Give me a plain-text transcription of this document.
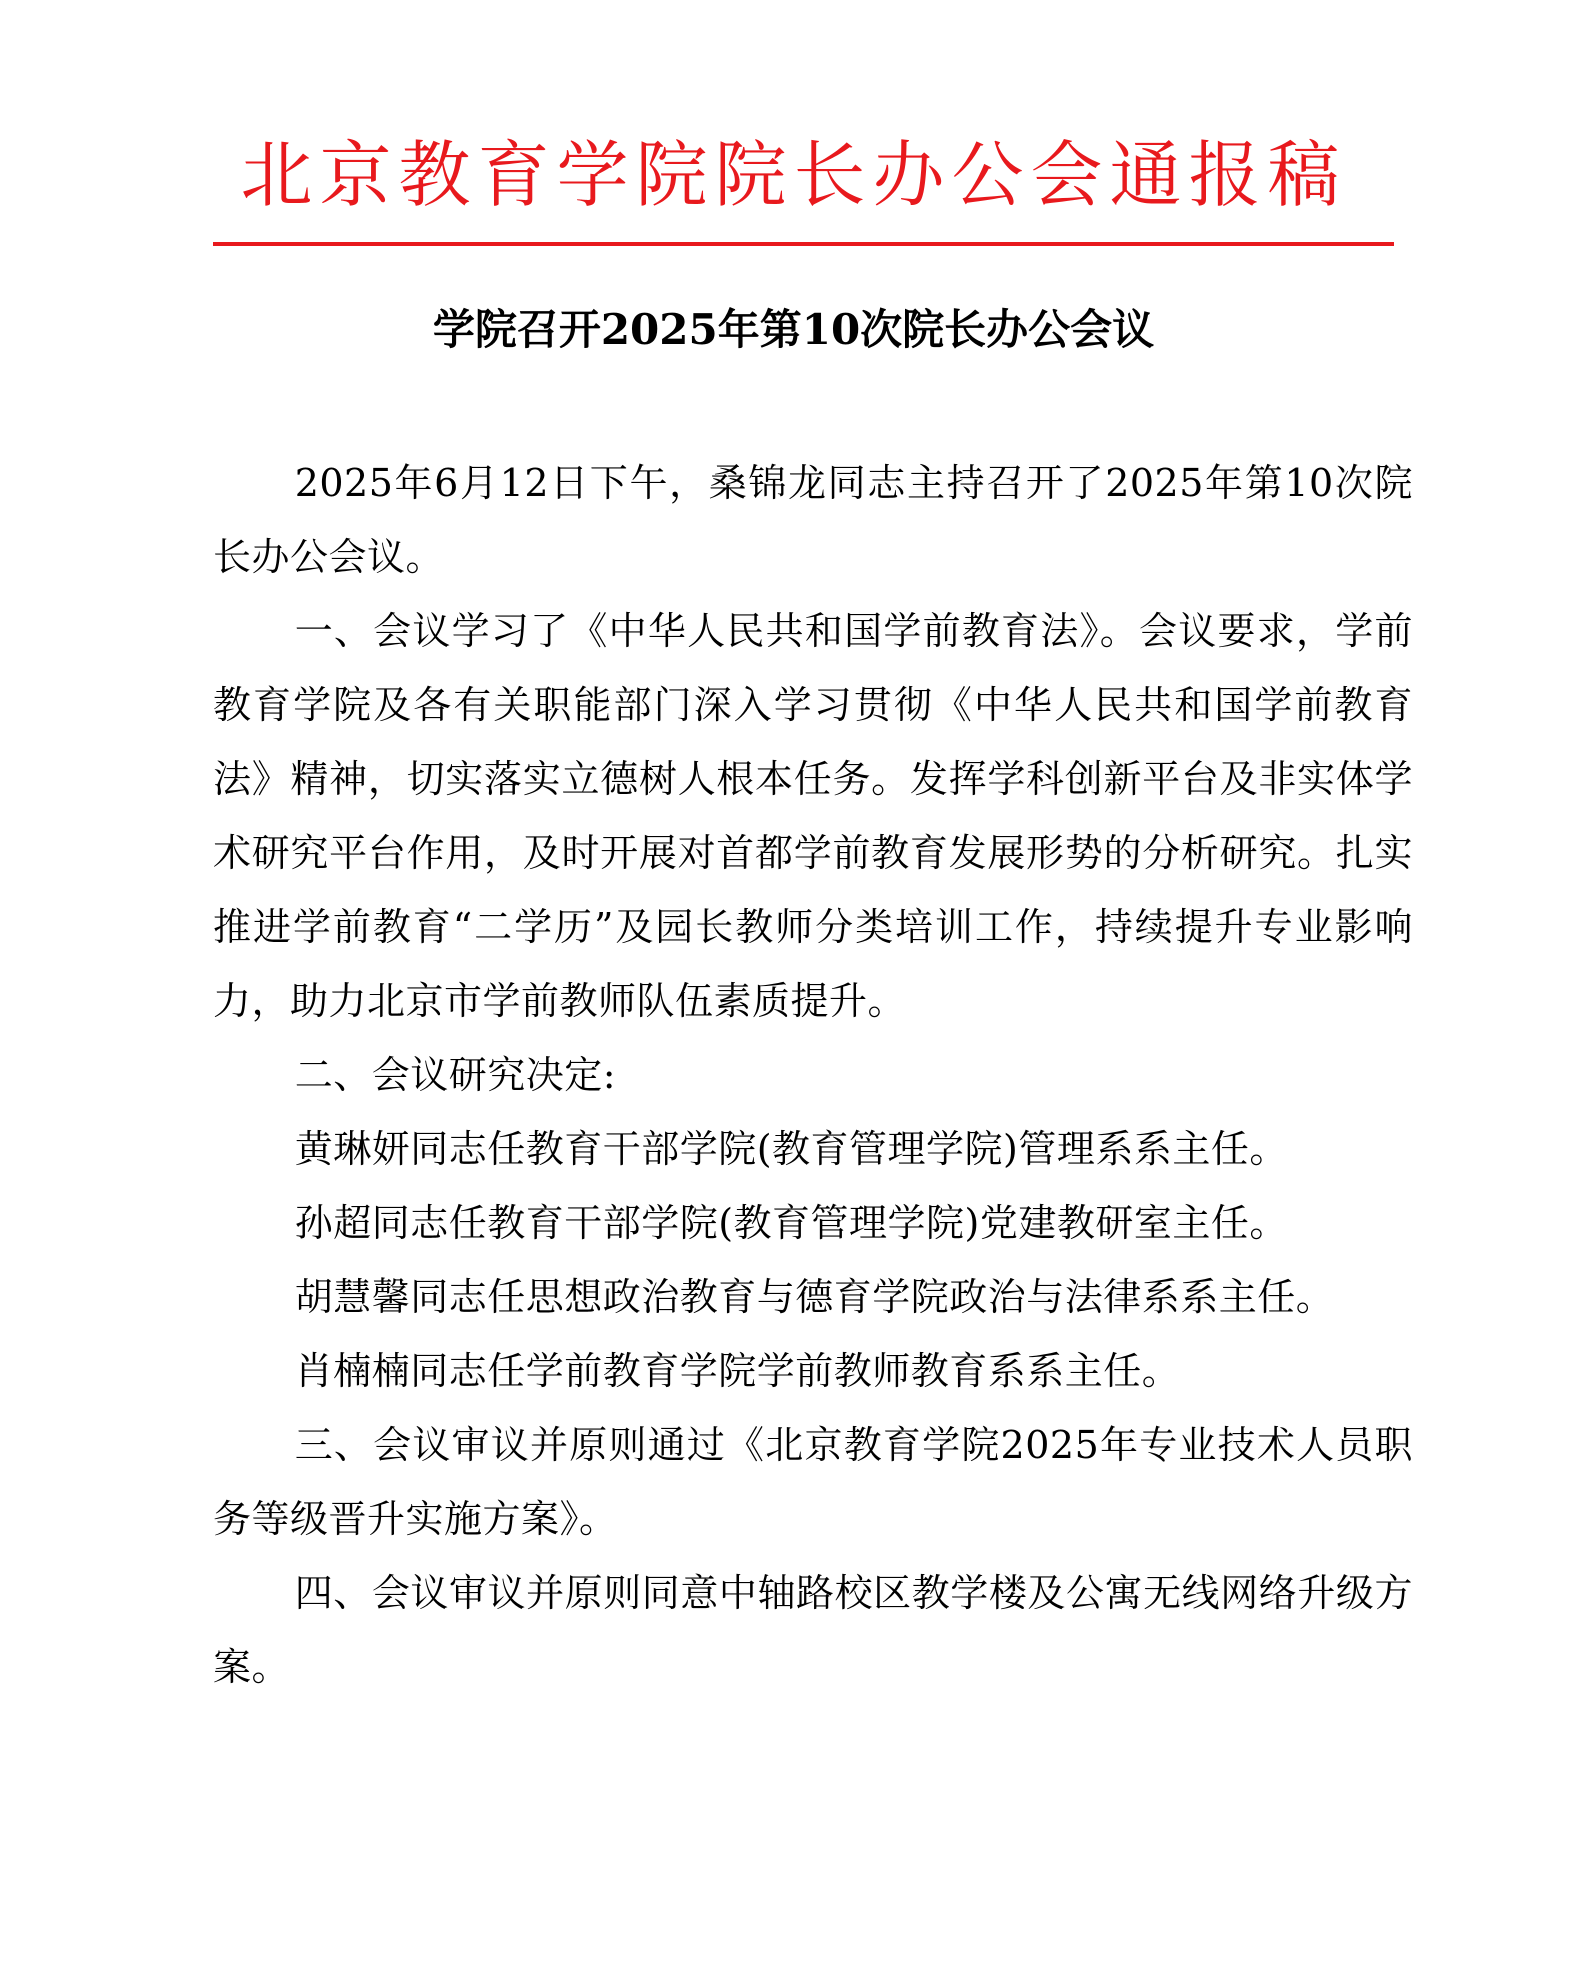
北京教育学院院长办公会通报稿
学院召开2025年第10次院长办公会议

2025年6月12日下午，桑锦龙同志主持召开了2025年第10次院长办公会议。

一、会议学习了《中华人民共和国学前教育法》。会议要求，学前教育学院及各有关职能部门深入学习贯彻《中华人民共和国学前教育法》精神，切实落实立德树人根本任务。发挥学科创新平台及非实体学术研究平台作用，及时开展对首都学前教育发展形势的分析研究。扎实推进学前教育“二学历”及园长教师分类培训工作，持续提升专业影响力，助力北京市学前教师队伍素质提升。

二、会议研究决定:

黄琳妍同志任教育干部学院(教育管理学院)管理系系主任。

孙超同志任教育干部学院(教育管理学院)党建教研室主任。

胡慧馨同志任思想政治教育与德育学院政治与法律系系主任。

肖楠楠同志任学前教育学院学前教师教育系系主任。

三、会议审议并原则通过《北京教育学院2025年专业技术人员职务等级晋升实施方案》。

四、会议审议并原则同意中轴路校区教学楼及公寓无线网络升级方案。
